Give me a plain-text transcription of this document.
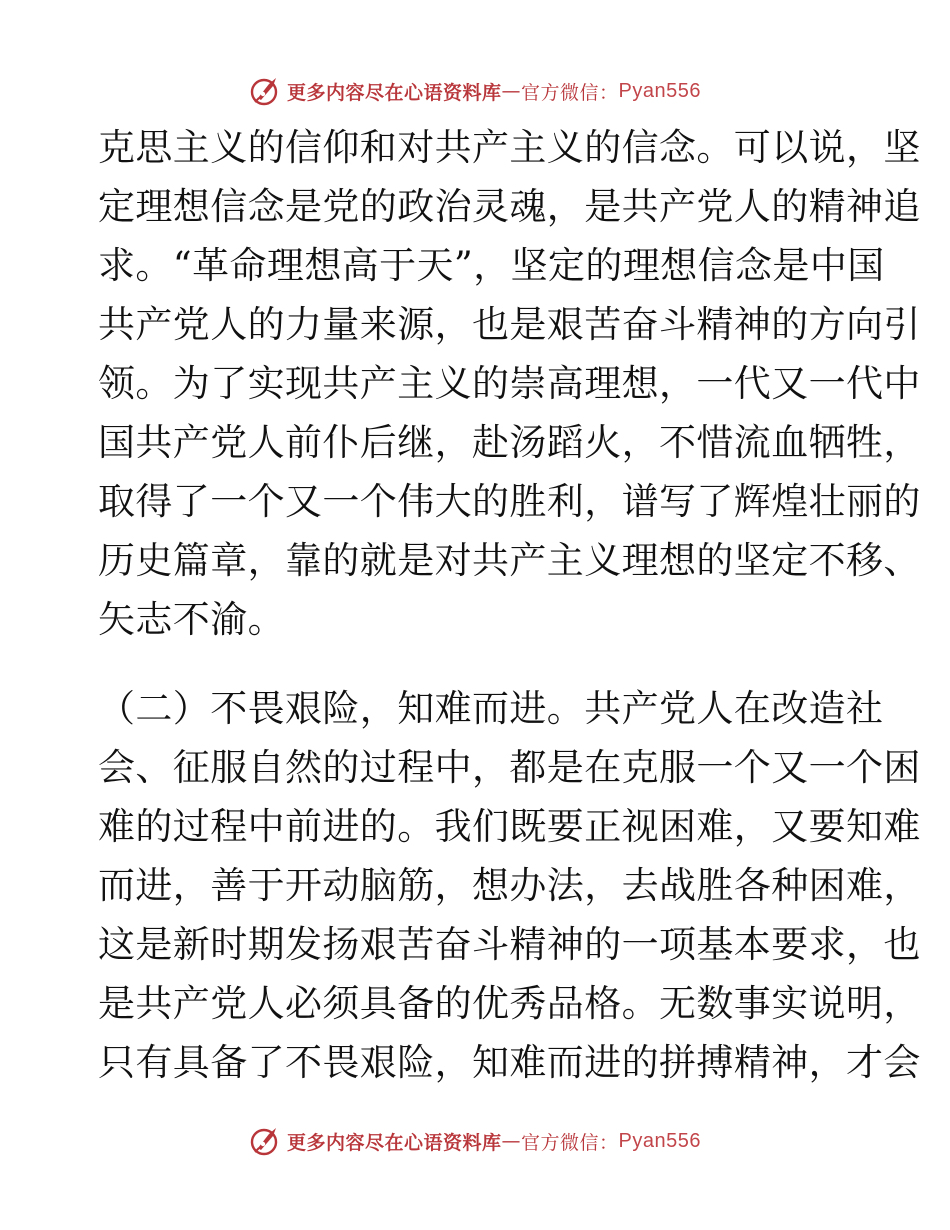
更多内容尽在心语资料库 — 官方微信： Pyan556
克思主义的信仰和对共产主义的信念。可以说，坚
定理想信念是党的政治灵魂，是共产党人的精神追
求。“革命理想高于天”，坚定的理想信念是中国
共产党人的力量来源，也是艰苦奋斗精神的方向引
领。为了实现共产主义的崇高理想，一代又一代中
国共产党人前仆后继，赴汤蹈火，不惜流血牺牲，
取得了一个又一个伟大的胜利，谱写了辉煌壮丽的
历史篇章，靠的就是对共产主义理想的坚定不移、
矢志不渝。
（二）不畏艰险，知难而进。共产党人在改造社
会、征服自然的过程中，都是在克服一个又一个困
难的过程中前进的。我们既要正视困难，又要知难
而进，善于开动脑筋，想办法，去战胜各种困难，
这是新时期发扬艰苦奋斗精神的一项基本要求，也
是共产党人必须具备的优秀品格。无数事实说明，
只有具备了不畏艰险，知难而进的拼搏精神，才会
更多内容尽在心语资料库 — 官方微信： Pyan556
